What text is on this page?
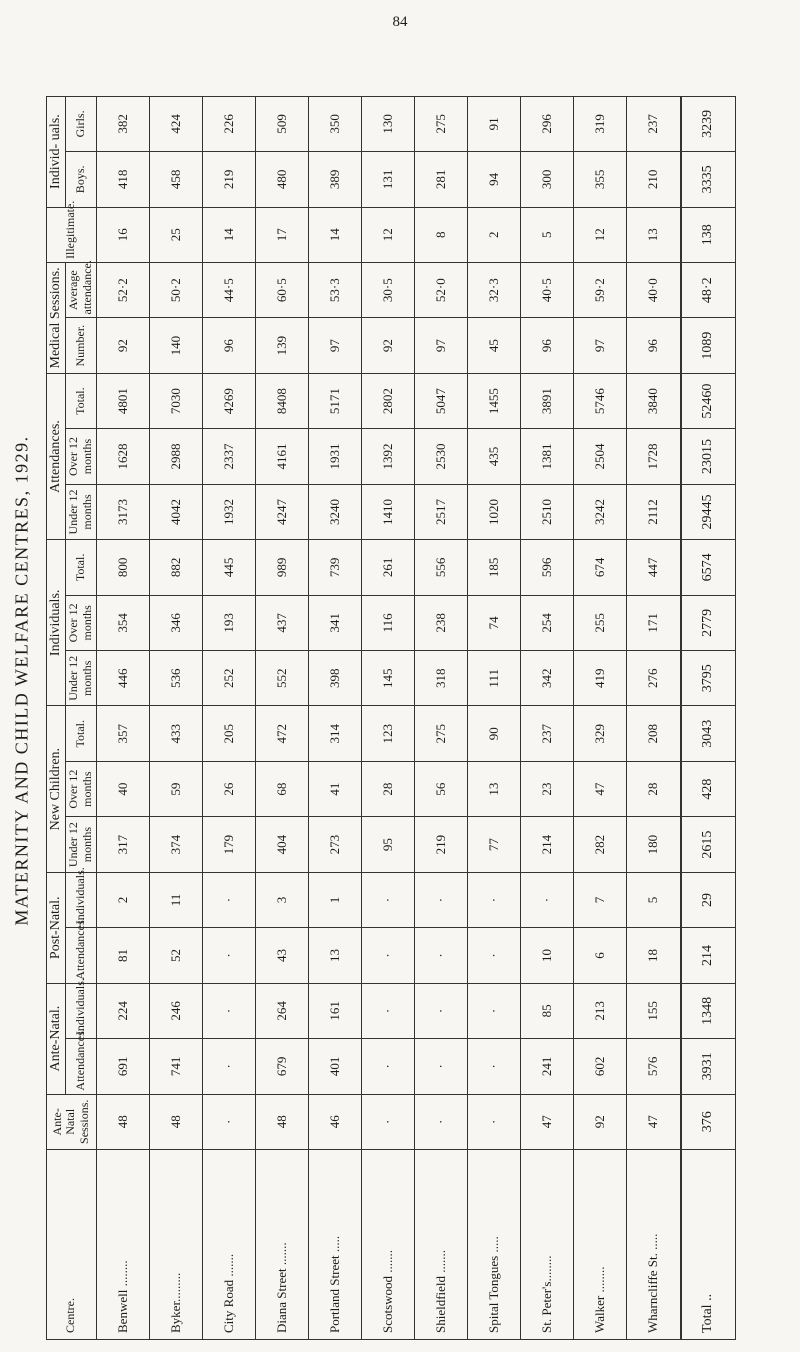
84
MATERNITY AND CHILD WELFARE CENTRES, 1929.
Centre.	Ante-Natal Sessions.	Ante-Natal.		Post-Natal.		New Children.			Individuals.			Attendances.			Medical Sessions.		Illegitimate.	Individ- uals.	
		Attendances.	Individuals.	Attendances.	Individuals.	Under 12 months	Over 12 months	Total.	Under 12 months	Over 12 months	Total.	Under 12 months	Over 12 months	Total.	Number.	Average attendance.		Boys.	Girls.
Benwell ........	48	691	224	81	2	317	40	357	446	354	800	3173	1628	4801	92	52·2	16	418	382
Byker.........	48	741	246	52	11	374	59	433	536	346	882	4042	2988	7030	140	50·2	25	458	424
City Road .......	·	·	·	·	·	179	26	205	252	193	445	1932	2337	4269	96	44·5	14	219	226
Diana Street .......	48	679	264	43	3	404	68	472	552	437	989	4247	4161	8408	139	60·5	17	480	509
Portland Street .....	46	401	161	13	1	273	41	314	398	341	739	3240	1931	5171	97	53·3	14	389	350
Scotswood .......	·	·	·	·	·	95	28	123	145	116	261	1410	1392	2802	92	30·5	12	131	130
Shieldfield .......	·	·	·	·	·	219	56	275	318	238	556	2517	2530	5047	97	52·0	8	281	275
Spital Tongues .....	·	·	·	·	·	77	13	90	111	74	185	1020	435	1455	45	32·3	2	94	91
St. Peter's........	47	241	85	10	·	214	23	237	342	254	596	2510	1381	3891	96	40·5	5	300	296
Walker ........	92	602	213	6	7	282	47	329	419	255	674	3242	2504	5746	97	59·2	12	355	319
Wharncliffe St. .....	47	576	155	18	5	180	28	208	276	171	447	2112	1728	3840	96	40·0	13	210	237
Total ..	376	3931	1348	214	29	2615	428	3043	3795	2779	6574	29445	23015	52460	1089	48·2	138	3335	3239
